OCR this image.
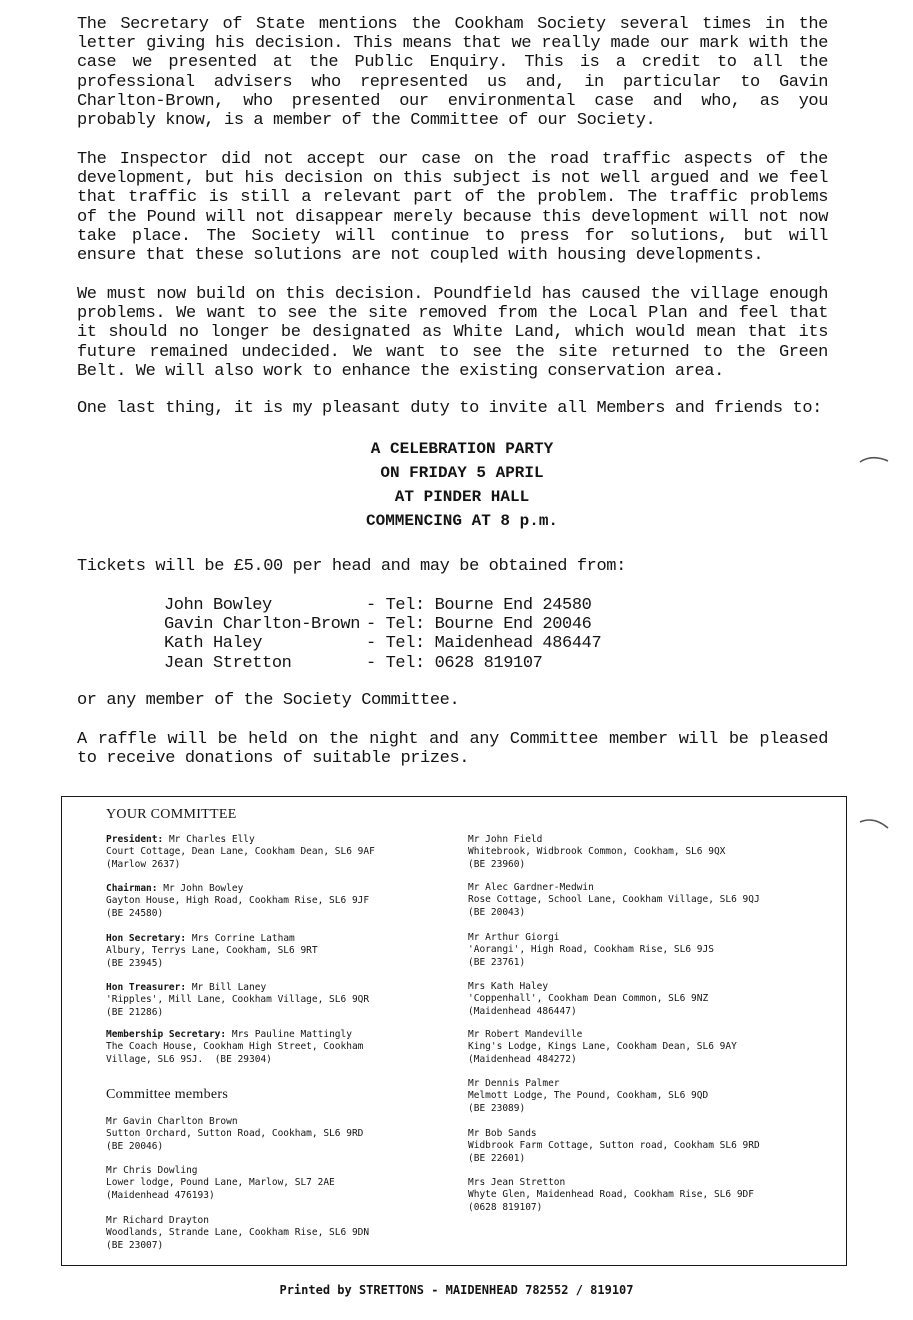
The Secretary of State mentions the Cookham Society several times in the letter giving his decision. This means that we really made our mark with the case we presented at the Public Enquiry. This is a credit to all the professional advisers who represented us and, in particular to Gavin Charlton-Brown, who presented our environmental case and who, as you probably know, is a member of the Committee of our Society.

The Inspector did not accept our case on the road traffic aspects of the development, but his decision on this subject is not well argued and we feel that traffic is still a relevant part of the problem. The traffic problems of the Pound will not disappear merely because this development will not now take place. The Society will continue to press for solutions, but will ensure that these solutions are not coupled with housing developments.

We must now build on this decision. Poundfield has caused the village enough problems. We want to see the site removed from the Local Plan and feel that it should no longer be designated as White Land, which would mean that its future remained undecided. We want to see the site returned to the Green Belt. We will also work to enhance the existing conservation area.

One last thing, it is my pleasant duty to invite all Members and friends to:

A CELEBRATION PARTY
ON FRIDAY 5 APRIL
AT PINDER HALL
COMMENCING AT 8 p.m.

Tickets will be £5.00 per head and may be obtained from:

John Bowley	- Tel: Bourne End 24580
Gavin Charlton-Brown - Tel: Bourne End 20046
Kath Haley	- Tel: Maidenhead 486447
Jean Stretton	- Tel: 0628 819107

or any member of the Society Committee.

A raffle will be held on the night and any Committee member will be pleased to receive donations of suitable prizes.

YOUR COMMITTEE
President: Mr Charles Elly
Court Cottage, Dean Lane, Cookham Dean, SL6 9AF
(Marlow 2637)
Chairman: Mr John Bowley
Gayton House, High Road, Cookham Rise, SL6 9JF
(BE 24580)
Hon Secretary: Mrs Corrine Latham
Albury, Terrys Lane, Cookham, SL6 9RT
(BE 23945)
Hon Treasurer: Mr Bill Laney
'Ripples', Mill Lane, Cookham Village, SL6 9QR
(BE 21286)
Membership Secretary: Mrs Pauline Mattingly
The Coach House, Cookham High Street, Cookham
Village, SL6 9SJ. (BE 29304)
Committee members
Mr Gavin Charlton Brown
Sutton Orchard, Sutton Road, Cookham, SL6 9RD
(BE 20046)
Mr Chris Dowling
Lower lodge, Pound Lane, Marlow, SL7 2AE
(Maidenhead 476193)
Mr Richard Drayton
Woodlands, Strande Lane, Cookham Rise, SL6 9DN
(BE 23007)
Mr John Field
Whitebrook, Widbrook Common, Cookham, SL6 9QX
(BE 23960)
Mr Alec Gardner-Medwin
Rose Cottage, School Lane, Cookham Village, SL6 9QJ
(BE 20043)
Mr Arthur Giorgi
'Aorangi', High Road, Cookham Rise, SL6 9JS
(BE 23761)
Mrs Kath Haley
'Coppenhall', Cookham Dean Common, SL6 9NZ
(Maidenhead 486447)
Mr Robert Mandeville
King's Lodge, Kings Lane, Cookham Dean, SL6 9AY
(Maidenhead 484272)
Mr Dennis Palmer
Melmott Lodge, The Pound, Cookham, SL6 9QD
(BE 23089)
Mr Bob Sands
Widbrook Farm Cottage, Sutton road, Cookham SL6 9RD
(BE 22601)
Mrs Jean Stretton
Whyte Glen, Maidenhead Road, Cookham Rise, SL6 9DF
(0628 819107)
Printed by STRETTONS - MAIDENHEAD 782552 / 819107
